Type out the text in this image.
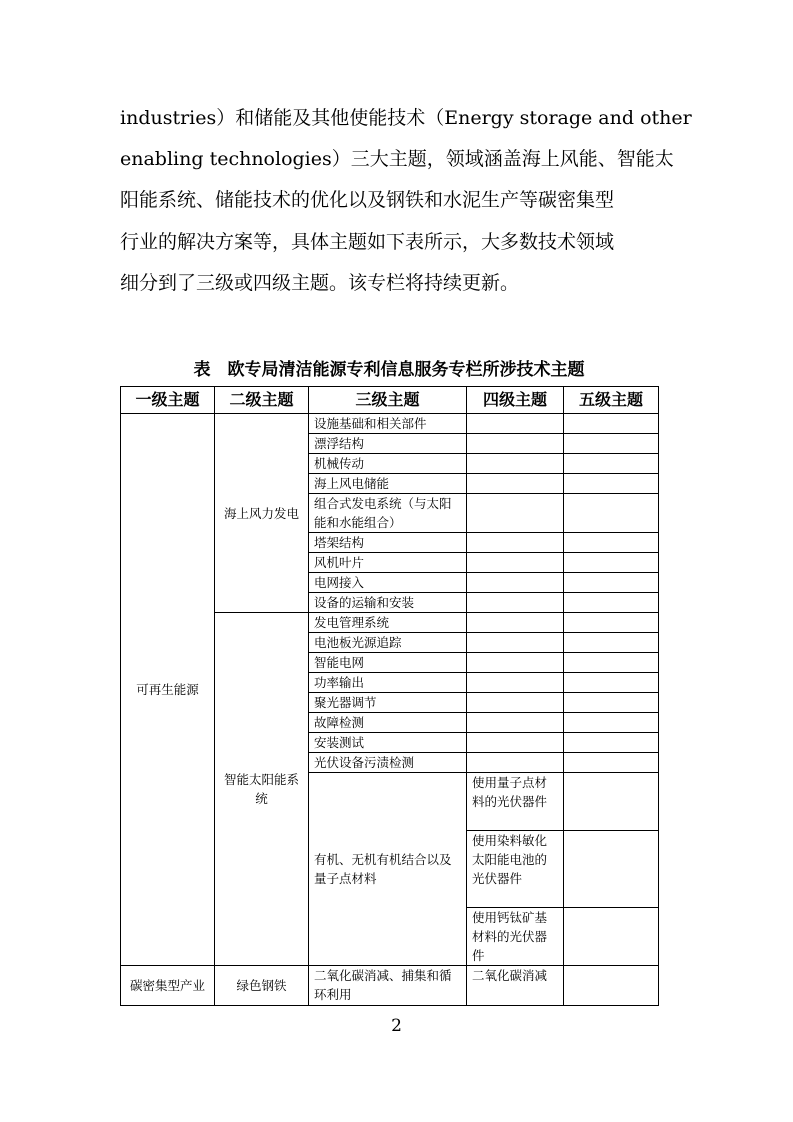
industries）和储能及其他使能技术（Energy storage and other
enabling technologies）三大主题，领域涵盖海上风能、智能太
阳能系统、储能技术的优化以及钢铁和水泥生产等碳密集型
行业的解决方案等，具体主题如下表所示，大多数技术领域
细分到了三级或四级主题。该专栏将持续更新。
表　欧专局清洁能源专利信息服务专栏所涉技术主题
一级主题	二级主题	三级主题	四级主题	五级主题
可再生能源	海上风力发电	设施基础和相关部件		
		漂浮结构		
		机械传动		
		海上风电储能		
		组合式发电系统（与太阳能和水能组合）		
		塔架结构		
		风机叶片		
		电网接入		
		设备的运输和安装		
	智能太阳能系统	发电管理系统		
		电池板光源追踪		
		智能电网		
		功率输出		
		聚光器调节		
		故障检测		
		安装测试		
		光伏设备污渍检测		
		有机、无机有机结合以及量子点材料	使用量子点材料的光伏器件	
			使用染料敏化太阳能电池的光伏器件	
			使用钙钛矿基材料的光伏器件	
碳密集型产业	绿色钢铁	二氧化碳消减、捕集和循环利用	二氧化碳消减	
2
